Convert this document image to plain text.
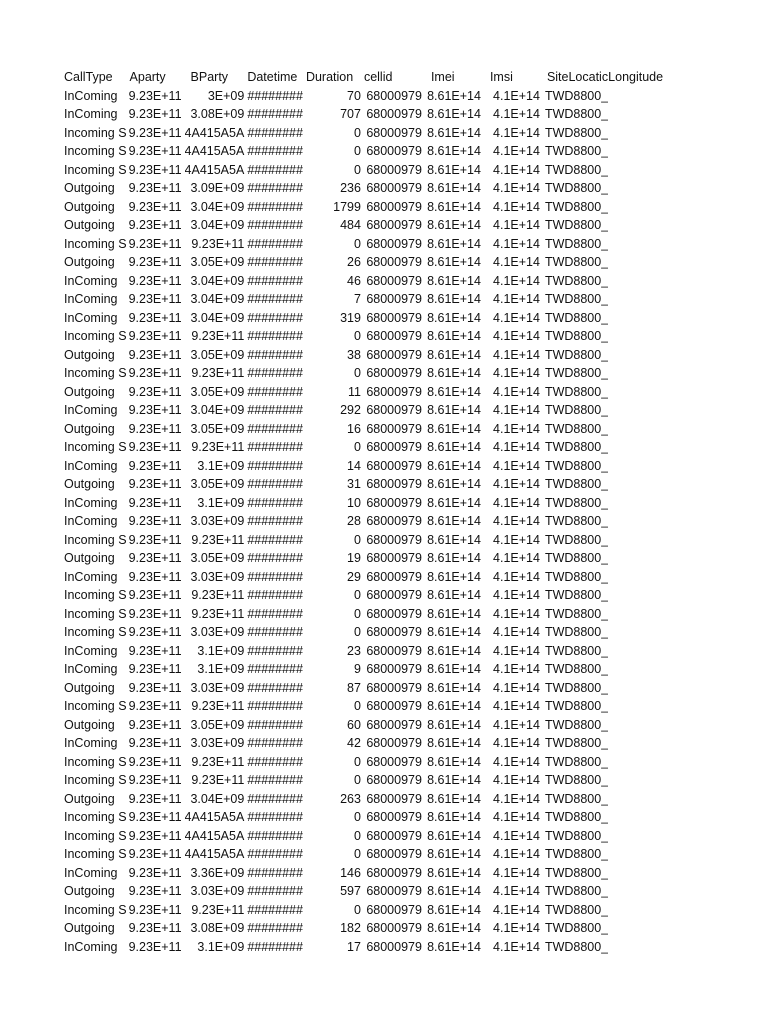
CallType	Aparty	BParty	Datetime	Duration	cellid	Imei	Imsi	SiteLocatic	Longitude
InComing	9.23E+11	3E+09	########	70	68000979	8.61E+14	4.1E+14	TWD8800_	
InComing	9.23E+11	3.08E+09	########	707	68000979	8.61E+14	4.1E+14	TWD8800_	
Incoming S	9.23E+11	4A415A5A	########	0	68000979	8.61E+14	4.1E+14	TWD8800_	
Incoming S	9.23E+11	4A415A5A	########	0	68000979	8.61E+14	4.1E+14	TWD8800_	
Incoming S	9.23E+11	4A415A5A	########	0	68000979	8.61E+14	4.1E+14	TWD8800_	
Outgoing	9.23E+11	3.09E+09	########	236	68000979	8.61E+14	4.1E+14	TWD8800_	
Outgoing	9.23E+11	3.04E+09	########	1799	68000979	8.61E+14	4.1E+14	TWD8800_	
Outgoing	9.23E+11	3.04E+09	########	484	68000979	8.61E+14	4.1E+14	TWD8800_	
Incoming S	9.23E+11	9.23E+11	########	0	68000979	8.61E+14	4.1E+14	TWD8800_	
Outgoing	9.23E+11	3.05E+09	########	26	68000979	8.61E+14	4.1E+14	TWD8800_	
InComing	9.23E+11	3.04E+09	########	46	68000979	8.61E+14	4.1E+14	TWD8800_	
InComing	9.23E+11	3.04E+09	########	7	68000979	8.61E+14	4.1E+14	TWD8800_	
InComing	9.23E+11	3.04E+09	########	319	68000979	8.61E+14	4.1E+14	TWD8800_	
Incoming S	9.23E+11	9.23E+11	########	0	68000979	8.61E+14	4.1E+14	TWD8800_	
Outgoing	9.23E+11	3.05E+09	########	38	68000979	8.61E+14	4.1E+14	TWD8800_	
Incoming S	9.23E+11	9.23E+11	########	0	68000979	8.61E+14	4.1E+14	TWD8800_	
Outgoing	9.23E+11	3.05E+09	########	11	68000979	8.61E+14	4.1E+14	TWD8800_	
InComing	9.23E+11	3.04E+09	########	292	68000979	8.61E+14	4.1E+14	TWD8800_	
Outgoing	9.23E+11	3.05E+09	########	16	68000979	8.61E+14	4.1E+14	TWD8800_	
Incoming S	9.23E+11	9.23E+11	########	0	68000979	8.61E+14	4.1E+14	TWD8800_	
InComing	9.23E+11	3.1E+09	########	14	68000979	8.61E+14	4.1E+14	TWD8800_	
Outgoing	9.23E+11	3.05E+09	########	31	68000979	8.61E+14	4.1E+14	TWD8800_	
InComing	9.23E+11	3.1E+09	########	10	68000979	8.61E+14	4.1E+14	TWD8800_	
InComing	9.23E+11	3.03E+09	########	28	68000979	8.61E+14	4.1E+14	TWD8800_	
Incoming S	9.23E+11	9.23E+11	########	0	68000979	8.61E+14	4.1E+14	TWD8800_	
Outgoing	9.23E+11	3.05E+09	########	19	68000979	8.61E+14	4.1E+14	TWD8800_	
InComing	9.23E+11	3.03E+09	########	29	68000979	8.61E+14	4.1E+14	TWD8800_	
Incoming S	9.23E+11	9.23E+11	########	0	68000979	8.61E+14	4.1E+14	TWD8800_	
Incoming S	9.23E+11	9.23E+11	########	0	68000979	8.61E+14	4.1E+14	TWD8800_	
Incoming S	9.23E+11	3.03E+09	########	0	68000979	8.61E+14	4.1E+14	TWD8800_	
InComing	9.23E+11	3.1E+09	########	23	68000979	8.61E+14	4.1E+14	TWD8800_	
InComing	9.23E+11	3.1E+09	########	9	68000979	8.61E+14	4.1E+14	TWD8800_	
Outgoing	9.23E+11	3.03E+09	########	87	68000979	8.61E+14	4.1E+14	TWD8800_	
Incoming S	9.23E+11	9.23E+11	########	0	68000979	8.61E+14	4.1E+14	TWD8800_	
Outgoing	9.23E+11	3.05E+09	########	60	68000979	8.61E+14	4.1E+14	TWD8800_	
InComing	9.23E+11	3.03E+09	########	42	68000979	8.61E+14	4.1E+14	TWD8800_	
Incoming S	9.23E+11	9.23E+11	########	0	68000979	8.61E+14	4.1E+14	TWD8800_	
Incoming S	9.23E+11	9.23E+11	########	0	68000979	8.61E+14	4.1E+14	TWD8800_	
Outgoing	9.23E+11	3.04E+09	########	263	68000979	8.61E+14	4.1E+14	TWD8800_	
Incoming S	9.23E+11	4A415A5A	########	0	68000979	8.61E+14	4.1E+14	TWD8800_	
Incoming S	9.23E+11	4A415A5A	########	0	68000979	8.61E+14	4.1E+14	TWD8800_	
Incoming S	9.23E+11	4A415A5A	########	0	68000979	8.61E+14	4.1E+14	TWD8800_	
InComing	9.23E+11	3.36E+09	########	146	68000979	8.61E+14	4.1E+14	TWD8800_	
Outgoing	9.23E+11	3.03E+09	########	597	68000979	8.61E+14	4.1E+14	TWD8800_	
Incoming S	9.23E+11	9.23E+11	########	0	68000979	8.61E+14	4.1E+14	TWD8800_	
Outgoing	9.23E+11	3.08E+09	########	182	68000979	8.61E+14	4.1E+14	TWD8800_	
InComing	9.23E+11	3.1E+09	########	17	68000979	8.61E+14	4.1E+14	TWD8800_	
